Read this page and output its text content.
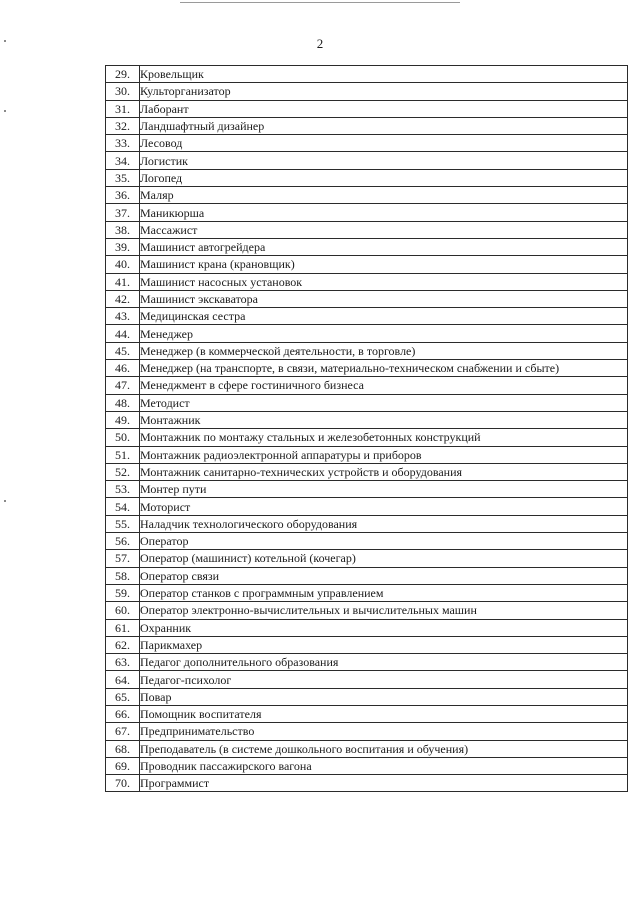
2
29.	Кровельщик
30.	Культорганизатор
31.	Лаборант
32.	Ландшафтный дизайнер
33.	Лесовод
34.	Логистик
35.	Логопед
36.	Маляр
37.	Маникюрша
38.	Массажист
39.	Машинист автогрейдера
40.	Машинист крана (крановщик)
41.	Машинист насосных установок
42.	Машинист экскаватора
43.	Медицинская сестра
44.	Менеджер
45.	Менеджер (в коммерческой деятельности, в торговле)
46.	Менеджер (на транспорте, в связи, материально-техническом снабжении и сбыте)
47.	Менеджмент в сфере гостиничного бизнеса
48.	Методист
49.	Монтажник
50.	Монтажник по монтажу стальных и железобетонных конструкций
51.	Монтажник радиоэлектронной аппаратуры и приборов
52.	Монтажник санитарно-технических устройств и оборудования
53.	Монтер пути
54.	Моторист
55.	Наладчик технологического оборудования
56.	Оператор
57.	Оператор (машинист) котельной (кочегар)
58.	Оператор связи
59.	Оператор станков с программным управлением
60.	Оператор электронно-вычислительных и вычислительных машин
61.	Охранник
62.	Парикмахер
63.	Педагог дополнительного образования
64.	Педагог-психолог
65.	Повар
66.	Помощник воспитателя
67.	Предпринимательство
68.	Преподаватель (в системе дошкольного воспитания и обучения)
69.	Проводник пассажирского вагона
70.	Программист
